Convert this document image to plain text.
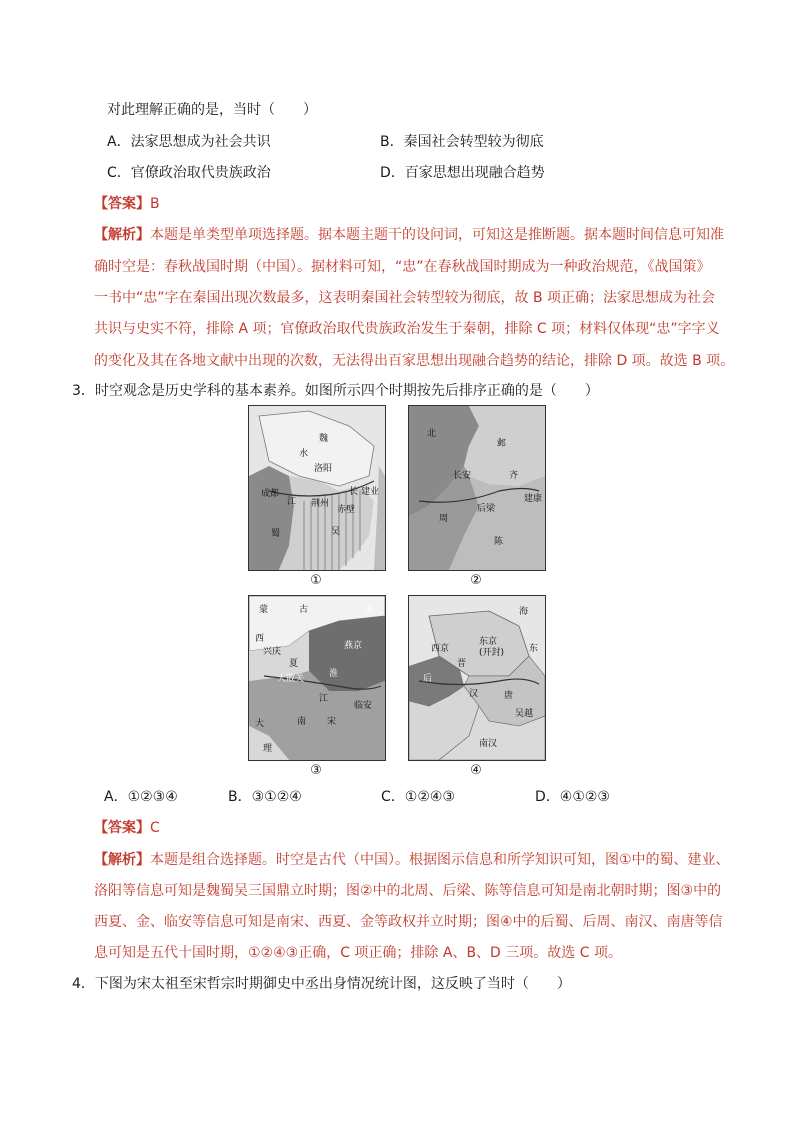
对此理解正确的是，当时（　　）
A．法家思想成为社会共识	B．秦国社会转型较为彻底
C．官僚政治取代贵族政治	D．百家思想出现融合趋势
【答案】B
【解析】本题是单类型单项选择题。据本题主题干的设问词，可知这是推断题。据本题时间信息可知准
确时空是：春秋战国时期（中国）。据材料可知，“忠”在春秋战国时期成为一种政治规范，《战国策》
一书中“忠”字在秦国出现次数最多，这表明秦国社会转型较为彻底，故 B 项正确；法家思想成为社会
共识与史实不符，排除 A 项；官僚政治取代贵族政治发生于秦朝，排除 C 项；材料仅体现“忠”字字义
的变化及其在各地文献中出现的次数，无法得出百家思想出现融合趋势的结论，排除 D 项。故选 B 项。
3．时空观念是历史学科的基本素养。如图所示四个时期按先后排序正确的是（　　）
魏
洛阳
成都
蜀	吴
建业
赤壁
荆州
水
江
长
①
北
齐
长安
周
后梁
陈
建康
邺
②
蒙	古	金
西
夏
兴庆
燕京
大散关
南 宋
临安
大
理
淮
江
③
东京
(开封)
西京
后
晋
汉	唐
吴越
南汉
海
东
④
A．①②③④	B．③①②④	C．①②④③	D．④①②③
【答案】C
【解析】本题是组合选择题。时空是古代（中国）。根据图示信息和所学知识可知，图①中的蜀、建业、
洛阳等信息可知是魏蜀吴三国鼎立时期；图②中的北周、后梁、陈等信息可知是南北朝时期；图③中的
西夏、金、临安等信息可知是南宋、西夏、金等政权并立时期；图④中的后蜀、后周、南汉、南唐等信
息可知是五代十国时期，①②④③正确，C 项正确；排除 A、B、D 三项。故选 C 项。
4．下图为宋太祖至宋哲宗时期御史中丞出身情况统计图，这反映了当时（　　）
